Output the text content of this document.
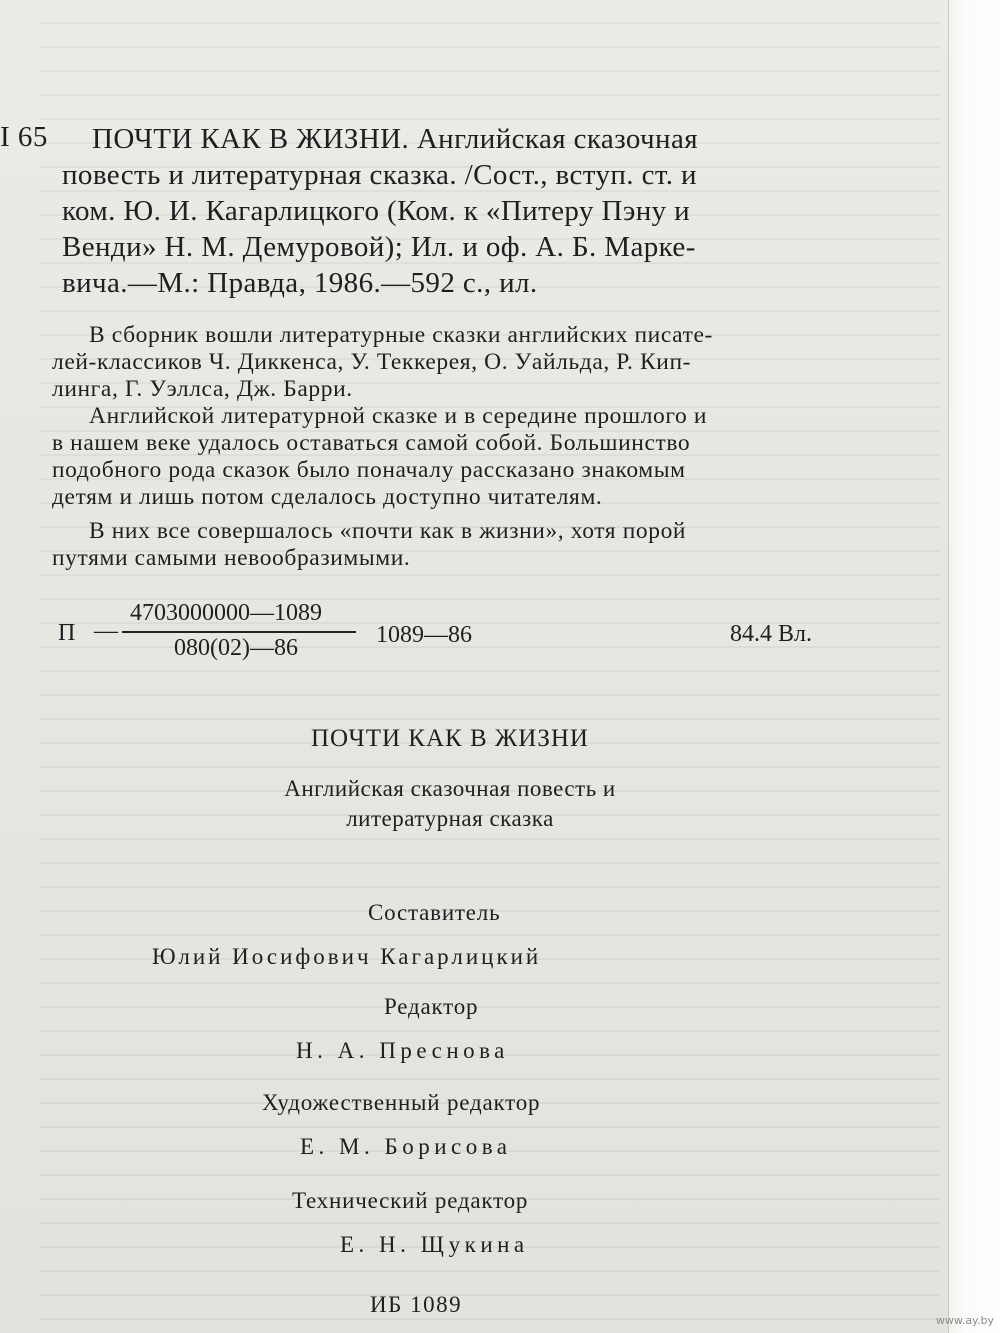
I 65 ПОЧТИ КАК В ЖИЗНИ. Английская сказочная
повесть и литературная сказка. /Сост., вступ. ст. и
ком. Ю. И. Кагарлицкого (Ком. к «Питеру Пэну и
Венди» Н. М. Демуровой); Ил. и оф. А. Б. Марке-
вича.—М.: Правда, 1986.—592 с., ил.
В сборник вошли литературные сказки английских писате-
лей-классиков Ч. Диккенса, У. Теккерея, О. Уайльда, Р. Кип-
линга, Г. Уэллса, Дж. Барри.
Английской литературной сказке и в середине прошлого и
в нашем веке удалось оставаться самой собой. Большинство
подобного рода сказок было поначалу рассказано знакомым
детям и лишь потом сделалось доступно читателям.
В них все совершалось «почти как в жизни», хотя порой
путями самыми невообразимыми.
П —
4703000000—1089
080(02)—86	1089—86	84.4 Вл.
ПОЧТИ КАК В ЖИЗНИ
Английская сказочная повесть и
литературная сказка
Составитель
Юлий Иосифович Кагарлицкий
Редактор
Н. А. Преснова
Художественный редактор
Е. М. Борисова
Технический редактор
Е. Н. Щукина
ИБ 1089
www.ay.by
